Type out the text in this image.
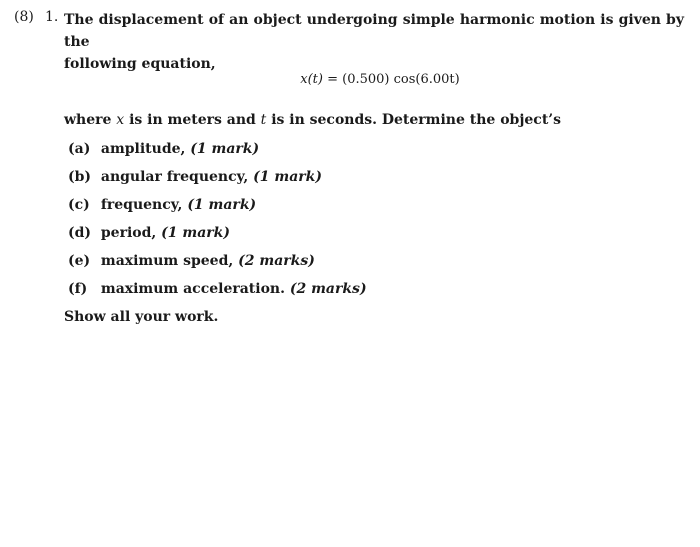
(8) 1. The displacement of an object undergoing simple harmonic motion is given by the
following equation,
x(t) = (0.500) cos(6.00t)
where x is in meters and t is in seconds. Determine the object’s
(a) amplitude, (1 mark)
(b) angular frequency, (1 mark)
(c) frequency, (1 mark)
(d) period, (1 mark)
(e) maximum speed, (2 marks)
(f) maximum acceleration. (2 marks)
Show all your work.
